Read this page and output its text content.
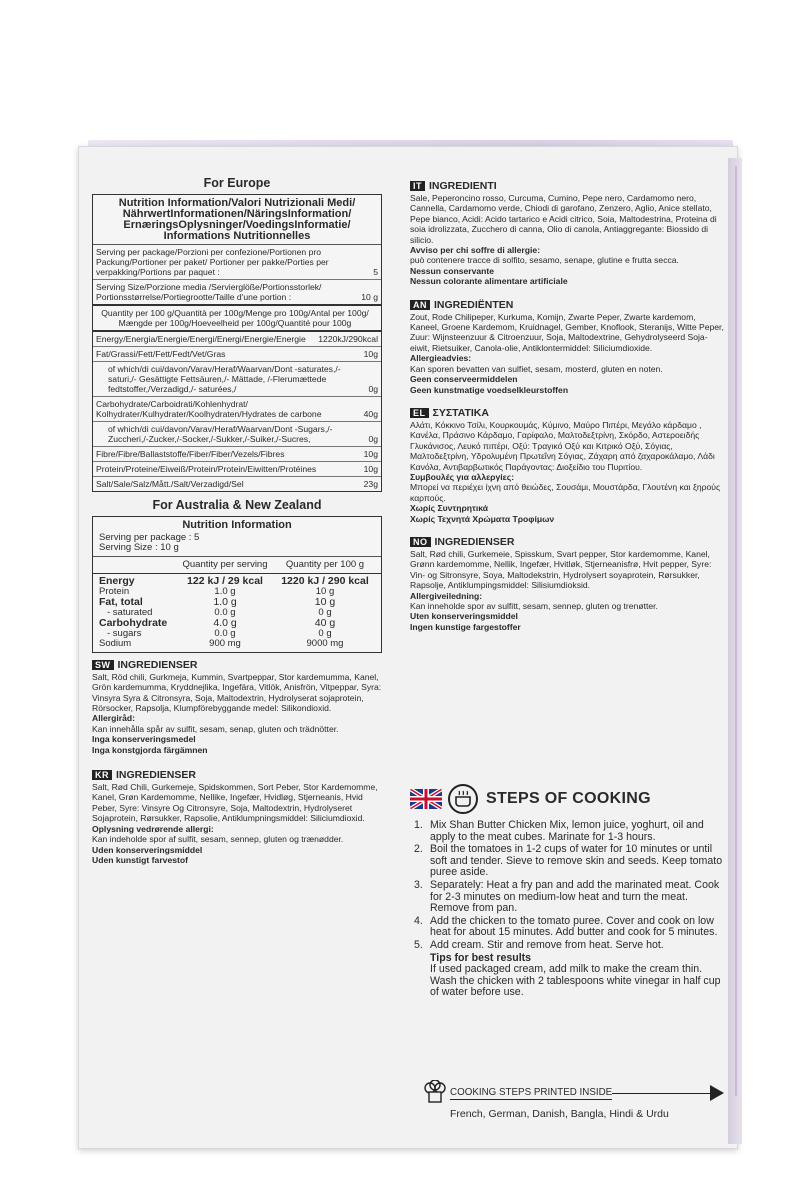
For Europe
Nutrition Information/Valori Nutrizionali Medi/ NährwertInformationen/NäringsInformation/ ErnæringsOplysninger/VoedingsInformatie/ Informations Nutritionnelles
Serving per package/Porzioni per confezione/Portionen pro Packung/Portioner per paket/ Portioner per pakke/Porties per verpakking/Portions par paquet :	5
Serving Size/Porzione media /Servierglöße/Portionsstorlek/ Portionsstørrelse/Portiegrootte/Taille d'une portion :	10 g
Quantity per 100 g/Quantità per 100g/Menge pro 100g/Antal per 100g/ Mængde per 100g/Hoeveelheid per 100g/Quantité pour 100g
Energy/Energia/Energie/Energi/Energi/Energie/Energie	1220kJ/290kcal
Fat/Grassi/Fett/Fett/Fedt/Vet/Gras	10g
of which/di cui/davon/Varav/Heraf/Waarvan/Dont -saturates,/- saturi,/- Gesättigte Fettsäuren,/- Mättade, /-Flerumættede fedtstoffer,/Verzadigd,/- saturées,/	0g
Carbohydrate/Carboidrati/Kohlenhydrat/ Kolhydrater/Kulhydrater/Koolhydraten/Hydrates de carbone	40g
of which/di cui/davon/Varav/Heraf/Waarvan/Dont -Sugars,/-Zuccheri,/-Zucker,/-Socker,/-Sukker,/-Suiker,/-Sucres,	0g
Fibre/Fibre/Ballaststoffe/Fiber/Fiber/Vezels/Fibres	10g
Protein/Proteine/Eiweiß/Protein/Protein/Eiwitten/Protéines	10g
Salt/Sale/Salz/Mått./Salt/Verzadigd/Sel	23g
For Australia & New Zealand
Nutrition Information
Serving per package : 5
Serving Size : 10 g
Quantity per serving	Quantity per 100 g
Energy	122 kJ / 29 kcal	1220 kJ / 290 kcal
Protein	1.0 g	10 g
Fat, total	1.0 g	10 g
- saturated	0.0 g	0 g
Carbohydrate	4.0 g	40 g
- sugars	0.0 g	0 g
Sodium	900 mg	9000 mg
SW INGREDIENSER
Salt, Röd chili, Gurkmeja, Kummin, Svartpeppar, Stor kardemumma, Kanel, Grön kardemumma, Kryddnejlika, Ingefära, Vitlök, Anisfrön, Vitpeppar, Syra: Vinsyra Syra & Citronsyra, Soja, Maltodextrin, Hydrolyserat sojaprotein, Rörsocker, Rapsolja, Klumpförebyggande medel: Silikondioxid.
Allergiråd:
Kan innehålla spår av sulfit, sesam, senap, gluten och trädnötter.
Inga konserveringsmedel
Inga konstgjorda färgämnen
KR INGREDIENSER
Salt, Rød Chili, Gurkemeje, Spidskommen, Sort Peber, Stor Kardemomme, Kanel, Grøn Kardemomme, Nellike, Ingefær, Hvidløg, Stjerneanis, Hvid Peber, Syre: Vinsyre Og Citronsyre, Soja, Maltodextrin, Hydrolyseret Sojaprotein, Rørsukker, Rapsolie, Antiklumpningsmiddel: Siliciumdioxid.
Oplysning vedrørende allergi:
Kan indeholde spor af sulfit, sesam, sennep, gluten og trænødder.
Uden konserveringsmiddel
Uden kunstigt farvestof
IT INGREDIENTI
Sale, Peperoncino rosso, Curcuma, Cumino, Pepe nero, Cardamomo nero, Cannella, Cardamomo verde, Chiodi di garofano, Zenzero, Aglio, Anice stellato, Pepe bianco, Acidi: Acido tartarico e Acidi citrico, Soia, Maltodestrina, Proteina di soia idrolizzata, Zucchero di canna, Olio di canola, Antiaggregante: Biossido di silicio.
Avviso per chi soffre di allergie:
può contenere tracce di solfito, sesamo, senape, glutine e frutta secca.
Nessun conservante
Nessun colorante alimentare artificiale
AN INGREDIËNTEN
Zout, Rode Chilipeper, Kurkuma, Komijn, Zwarte Peper, Zwarte kardemom, Kaneel, Groene Kardemom, Kruidnagel, Gember, Knoflook, Steranijs, Witte Peper, Zuur: Wijnsteenzuur & Citroenzuur, Soja, Maltodextrine, Gehydrolyseerd Soja-eiwit, Rietsuiker, Canola-olie, Antiklontermiddel: Siliciumdioxide.
Allergieadvies:
Kan sporen bevatten van sulfiet, sesam, mosterd, gluten en noten.
Geen conserveermiddelen
Geen kunstmatige voedselkleurstoffen
EL ΣΥΣΤΑΤΙΚΑ
Αλάτι, Κόκκινο Τσίλι, Κουρκουμάς, Κύμινο, Μαύρο Πιπέρι, Μεγάλο κάρδαμο , Κανέλα, Πράσινο Κάρδαμο, Γαρίφαλο, Μαλτοδεξτρίνη, Σκόρδο, Αστεροειδής Γλυκάνισος, Λευκό πιπέρι, Οξύ: Τραγικό Οξύ και Κιτρικό Οξύ, Σόγιας, Μαλτοδεξτρίνη, Υδρολυμένη Πρωτεΐνη Σόγιας, Ζάχαρη από ζαχαροκάλαμο, Λάδι Κανόλα, Αντιβαρβωτικός Παράγοντας: Διοξείδιο του Πυριτίου.
Συμβουλές για αλλεργίες:
Μπορεί να περιέχει ίχνη από θειώδες, Σουσάμι, Μουστάρδα, Γλουτένη και ξηρούς καρπούς.
Χωρίς Συντηρητικά
Χωρίς Τεχνητά Χρώματα Τροφίμων
NO INGREDIENSER
Salt, Rød chili, Gurkemeie, Spisskum, Svart pepper, Stor kardemomme, Kanel, Grønn kardemomme, Nellik, Ingefær, Hvitløk, Stjerneanisfrø, Hvit pepper, Syre: Vin- og Sitronsyre, Soya, Maltodekstrin, Hydrolysert soyaprotein, Rørsukker, Rapsolje, Antiklumpingsmiddel: Silisiumdioksid.
Allergiveiledning:
Kan inneholde spor av sulfitt, sesam, sennep, gluten og trenøtter.
Uten konserveringsmiddel
Ingen kunstige fargestoffer
STEPS OF COOKING
1. Mix Shan Butter Chicken Mix, lemon juice, yoghurt, oil and apply to the meat cubes. Marinate for 1-3 hours.
2. Boil the tomatoes in 1-2 cups of water for 10 minutes or until soft and tender. Sieve to remove skin and seeds. Keep tomato puree aside.
3. Separately: Heat a fry pan and add the marinated meat. Cook for 2-3 minutes on medium-low heat and turn the meat. Remove from pan.
4. Add the chicken to the tomato puree. Cover and cook on low heat for about 15 minutes. Add butter and cook for 5 minutes.
5. Add cream. Stir and remove from heat. Serve hot.
Tips for best results
If used packaged cream, add milk to make the cream thin.
Wash the chicken with 2 tablespoons white vinegar in half cup of water before use.
COOKING STEPS PRINTED INSIDE
French, German, Danish, Bangla, Hindi & Urdu
